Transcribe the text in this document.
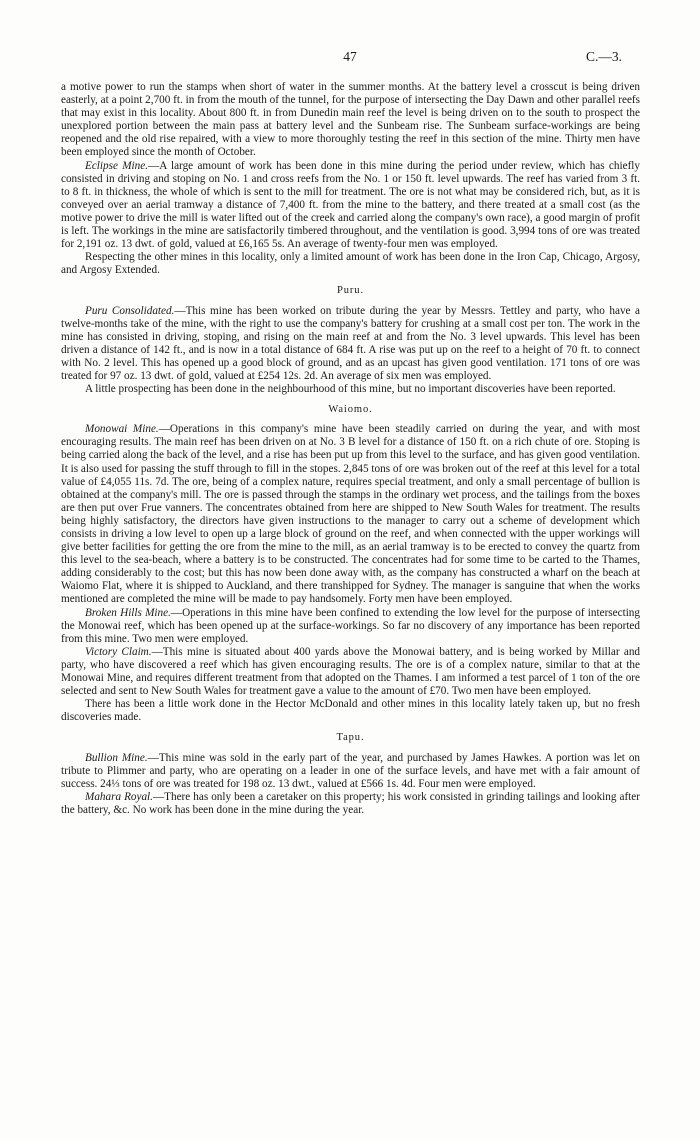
47	C.—3.

a motive power to run the stamps when short of water in the summer months. At the battery level a crosscut is being driven easterly, at a point 2,700 ft. in from the mouth of the tunnel, for the purpose of intersecting the Day Dawn and other parallel reefs that may exist in this locality. About 800 ft. in from Dunedin main reef the level is being driven on to the south to prospect the unexplored portion between the main pass at battery level and the Sunbeam rise. The Sunbeam surface-workings are being reopened and the old rise repaired, with a view to more thoroughly testing the reef in this section of the mine. Thirty men have been employed since the month of October.

Eclipse Mine.—A large amount of work has been done in this mine during the period under review, which has chiefly consisted in driving and stoping on No. 1 and cross reefs from the No. 1 or 150 ft. level upwards. The reef has varied from 3 ft. to 8 ft. in thickness, the whole of which is sent to the mill for treatment. The ore is not what may be considered rich, but, as it is conveyed over an aerial tramway a distance of 7,400 ft. from the mine to the battery, and there treated at a small cost (as the motive power to drive the mill is water lifted out of the creek and carried along the company's own race), a good margin of profit is left. The workings in the mine are satisfactorily timbered throughout, and the ventilation is good. 3,994 tons of ore was treated for 2,191 oz. 13 dwt. of gold, valued at £6,165 5s. An average of twenty-four men was employed.

Respecting the other mines in this locality, only a limited amount of work has been done in the Iron Cap, Chicago, Argosy, and Argosy Extended.

Puru.

Puru Consolidated.—This mine has been worked on tribute during the year by Messrs. Tettley and party, who have a twelve-months take of the mine, with the right to use the company's battery for crushing at a small cost per ton. The work in the mine has consisted in driving, stoping, and rising on the main reef at and from the No. 3 level upwards. This level has been driven a distance of 142 ft., and is now in a total distance of 684 ft. A rise was put up on the reef to a height of 70 ft. to connect with No. 2 level. This has opened up a good block of ground, and as an upcast has given good ventilation. 171 tons of ore was treated for 97 oz. 13 dwt. of gold, valued at £254 12s. 2d. An average of six men was employed.

A little prospecting has been done in the neighbourhood of this mine, but no important discoveries have been reported.

Waiomo.

Monowai Mine.—Operations in this company's mine have been steadily carried on during the year, and with most encouraging results. The main reef has been driven on at No. 3 B level for a distance of 150 ft. on a rich chute of ore. Stoping is being carried along the back of the level, and a rise has been put up from this level to the surface, and has given good ventilation. It is also used for passing the stuff through to fill in the stopes. 2,845 tons of ore was broken out of the reef at this level for a total value of £4,055 11s. 7d. The ore, being of a complex nature, requires special treatment, and only a small percentage of bullion is obtained at the company's mill. The ore is passed through the stamps in the ordinary wet process, and the tailings from the boxes are then put over Frue vanners. The concentrates obtained from here are shipped to New South Wales for treatment. The results being highly satisfactory, the directors have given instructions to the manager to carry out a scheme of development which consists in driving a low level to open up a large block of ground on the reef, and when connected with the upper workings will give better facilities for getting the ore from the mine to the mill, as an aerial tramway is to be erected to convey the quartz from this level to the sea-beach, where a battery is to be constructed. The concentrates had for some time to be carted to the Thames, adding considerably to the cost; but this has now been done away with, as the company has constructed a wharf on the beach at Waiomo Flat, where it is shipped to Auckland, and there transhipped for Sydney. The manager is sanguine that when the works mentioned are completed the mine will be made to pay handsomely. Forty men have been employed.

Broken Hills Mine.—Operations in this mine have been confined to extending the low level for the purpose of intersecting the Monowai reef, which has been opened up at the surface-workings. So far no discovery of any importance has been reported from this mine. Two men were employed.

Victory Claim.—This mine is situated about 400 yards above the Monowai battery, and is being worked by Millar and party, who have discovered a reef which has given encouraging results. The ore is of a complex nature, similar to that at the Monowai Mine, and requires different treatment from that adopted on the Thames. I am informed a test parcel of 1 ton of the ore selected and sent to New South Wales for treatment gave a value to the amount of £70. Two men have been employed.

There has been a little work done in the Hector McDonald and other mines in this locality lately taken up, but no fresh discoveries made.

Tapu.

Bullion Mine.—This mine was sold in the early part of the year, and purchased by James Hawkes. A portion was let on tribute to Plimmer and party, who are operating on a leader in one of the surface levels, and have met with a fair amount of success. 24⅓ tons of ore was treated for 198 oz. 13 dwt., valued at £566 1s. 4d. Four men were employed.

Mahara Royal.—There has only been a caretaker on this property; his work consisted in grinding tailings and looking after the battery, &c. No work has been done in the mine during the year.
